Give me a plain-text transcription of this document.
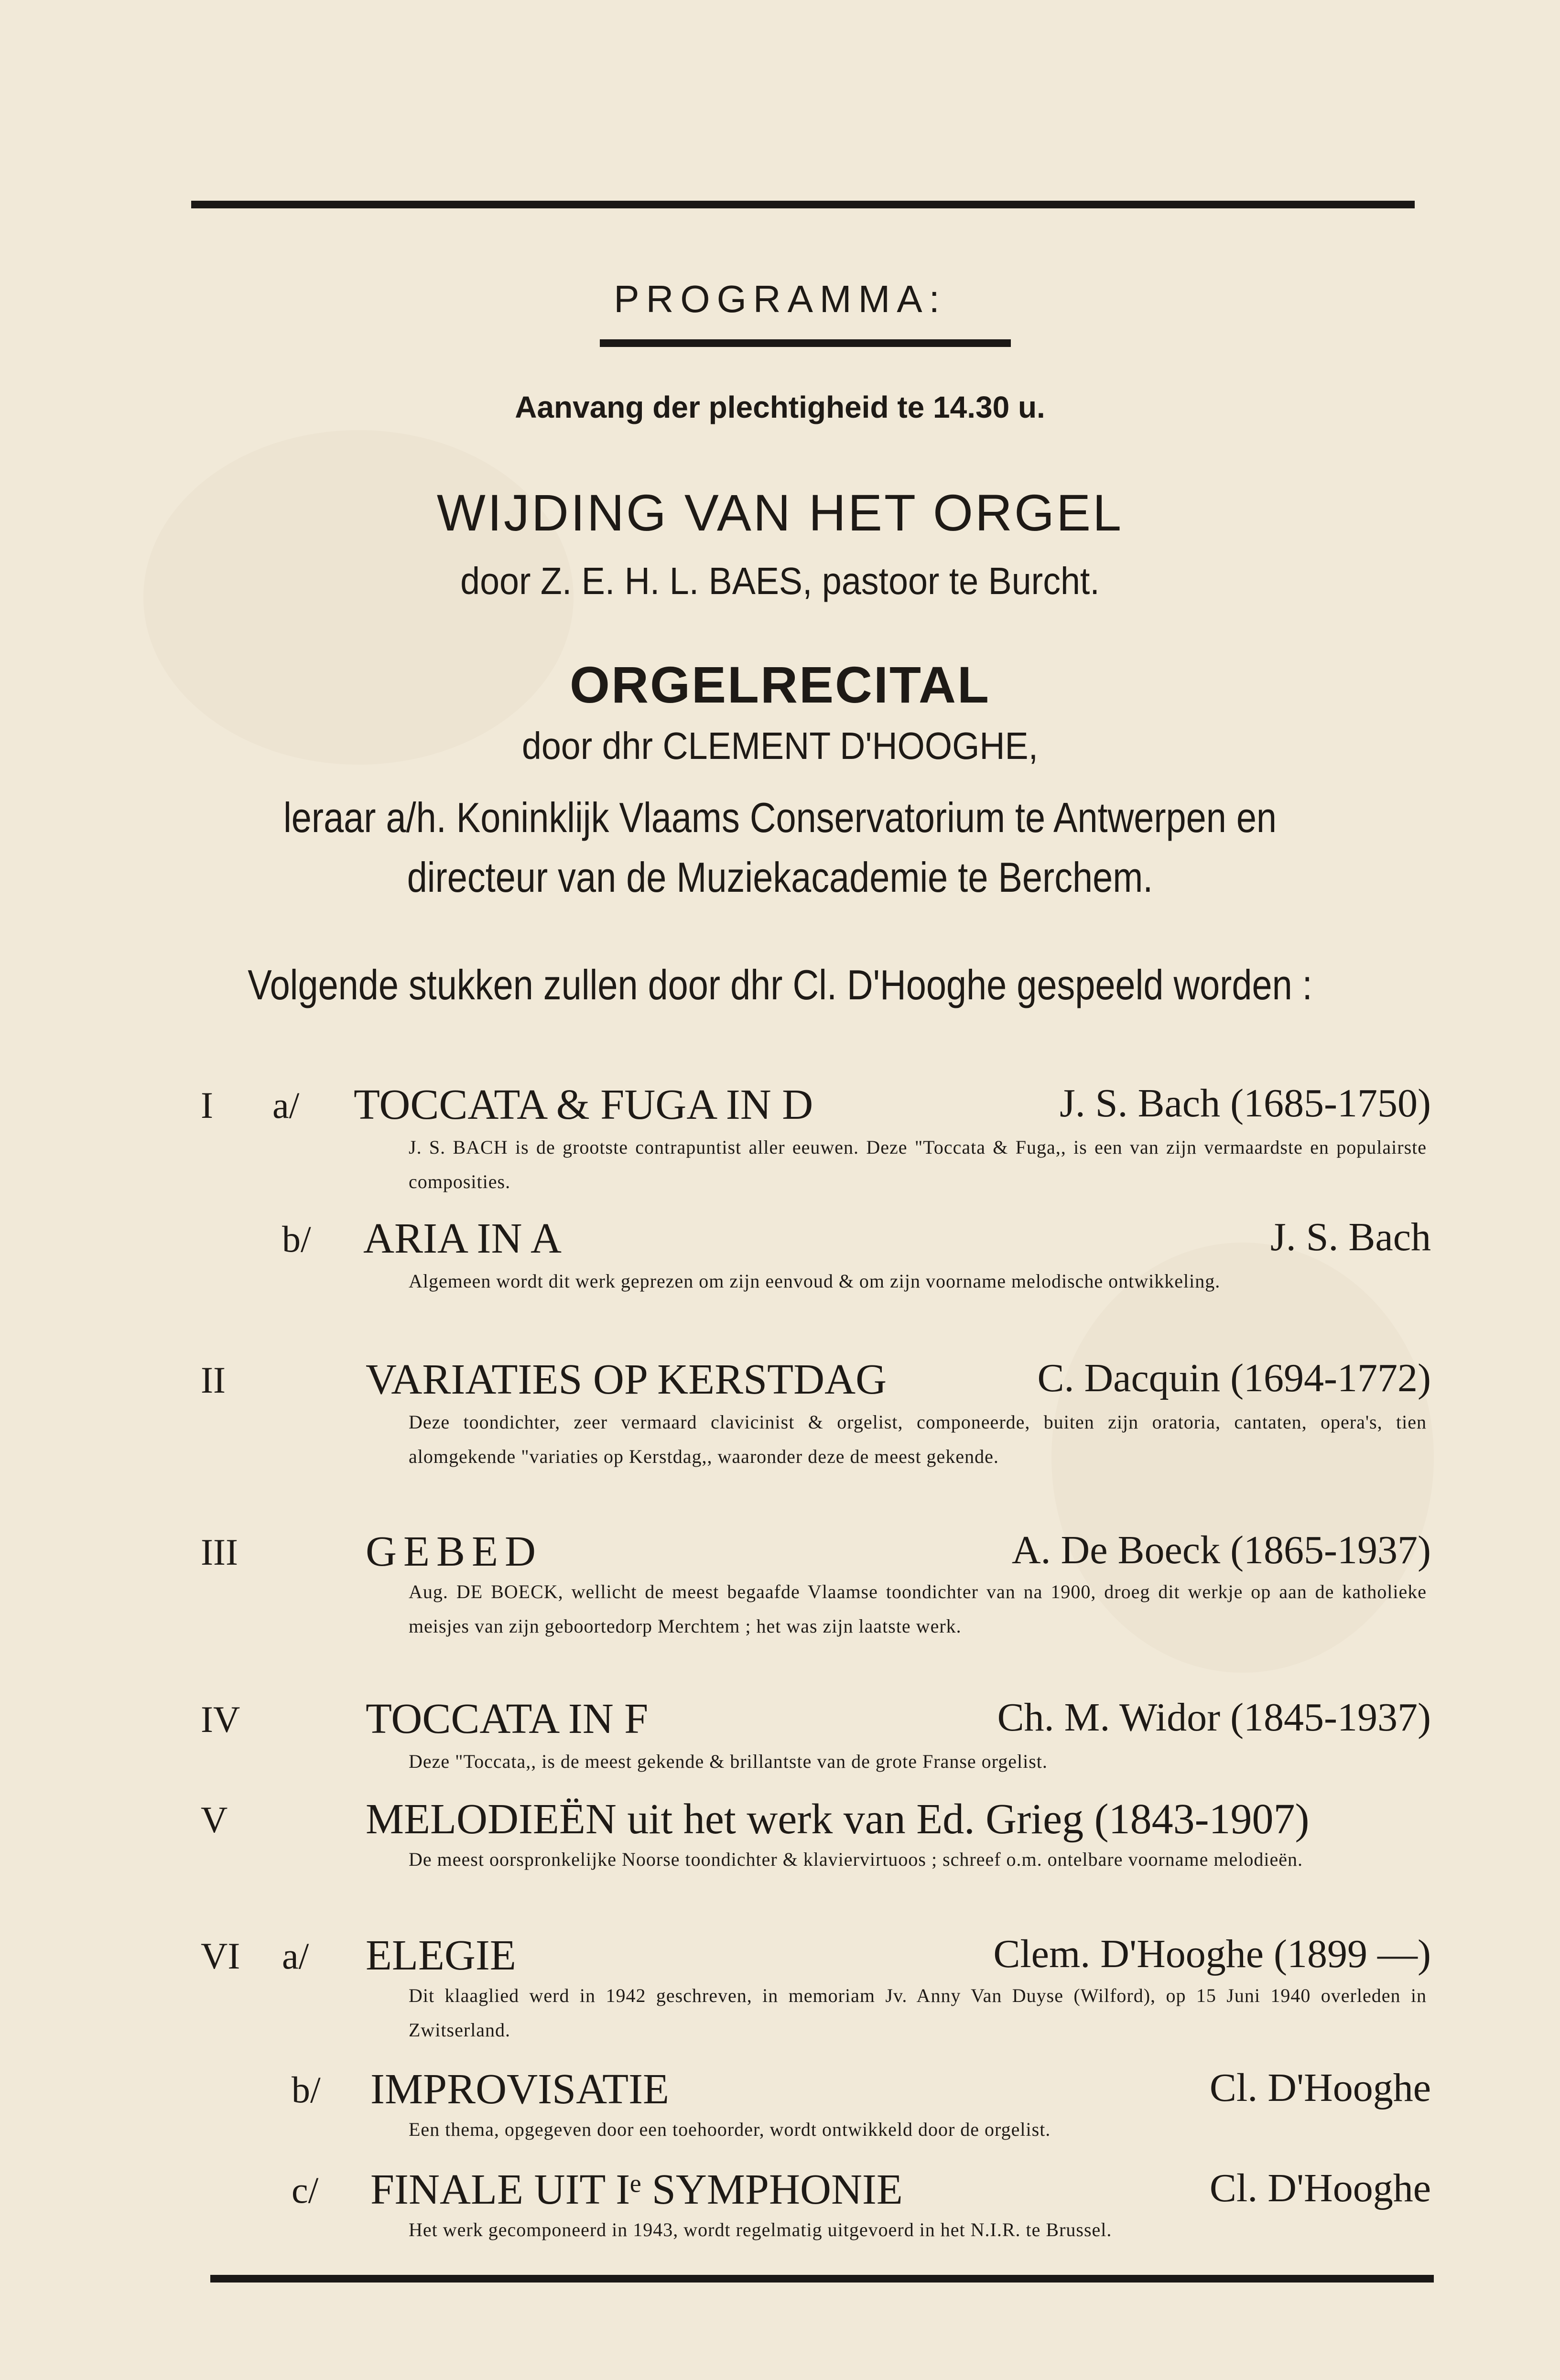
PROGRAMMA:
Aanvang der plechtigheid te 14.30 u.
WIJDING VAN HET ORGEL
door Z. E. H. L. BAES, pastoor te Burcht.
ORGELRECITAL
door dhr CLEMENT D'HOOGHE,
leraar a/h. Koninklijk Vlaams Conservatorium te Antwerpen en
directeur van de Muziekacademie te Berchem.
Volgende stukken zullen door dhr Cl. D'Hooghe gespeeld worden :
I a/ TOCCATA & FUGA IN D	J. S. Bach (1685-1750)
J. S. BACH is de grootste contrapuntist aller eeuwen. Deze "Toccata & Fuga,, is een van zijn vermaardste en populairste composities.
b/ ARIA IN A	J. S. Bach
Algemeen wordt dit werk geprezen om zijn eenvoud & om zijn voorname melodische ontwikkeling.
II	VARIATIES OP KERSTDAG	C. Dacquin (1694-1772)
Deze toondichter, zeer vermaard clavicinist & orgelist, componeerde, buiten zijn oratoria, cantaten, opera's, tien alomgekende "variaties op Kerstdag,, waaronder deze de meest gekende.
III	GEBED	A. De Boeck (1865-1937)
Aug. DE BOECK, wellicht de meest begaafde Vlaamse toondichter van na 1900, droeg dit werkje op aan de katholieke meisjes van zijn geboortedorp Merchtem ; het was zijn laatste werk.
IV	TOCCATA IN F	Ch. M. Widor (1845-1937)
Deze "Toccata,, is de meest gekende & brillantste van de grote Franse orgelist.
V	MELODIEËN uit het werk van Ed. Grieg (1843-1907)
De meest oorspronkelijke Noorse toondichter & klaviervirtuoos ; schreef o.m. ontelbare voorname melodieën.
VI a/ ELEGIE	Clem. D'Hooghe (1899 —)
Dit klaaglied werd in 1942 geschreven, in memoriam Jv. Anny Van Duyse (Wilford), op 15 Juni 1940 overleden in Zwitserland.
b/ IMPROVISATIE	Cl. D'Hooghe
Een thema, opgegeven door een toehoorder, wordt ontwikkeld door de orgelist.
c/ FINALE UIT Iᵉ SYMPHONIE	Cl. D'Hooghe
Het werk gecomponeerd in 1943, wordt regelmatig uitgevoerd in het N.I.R. te Brussel.
